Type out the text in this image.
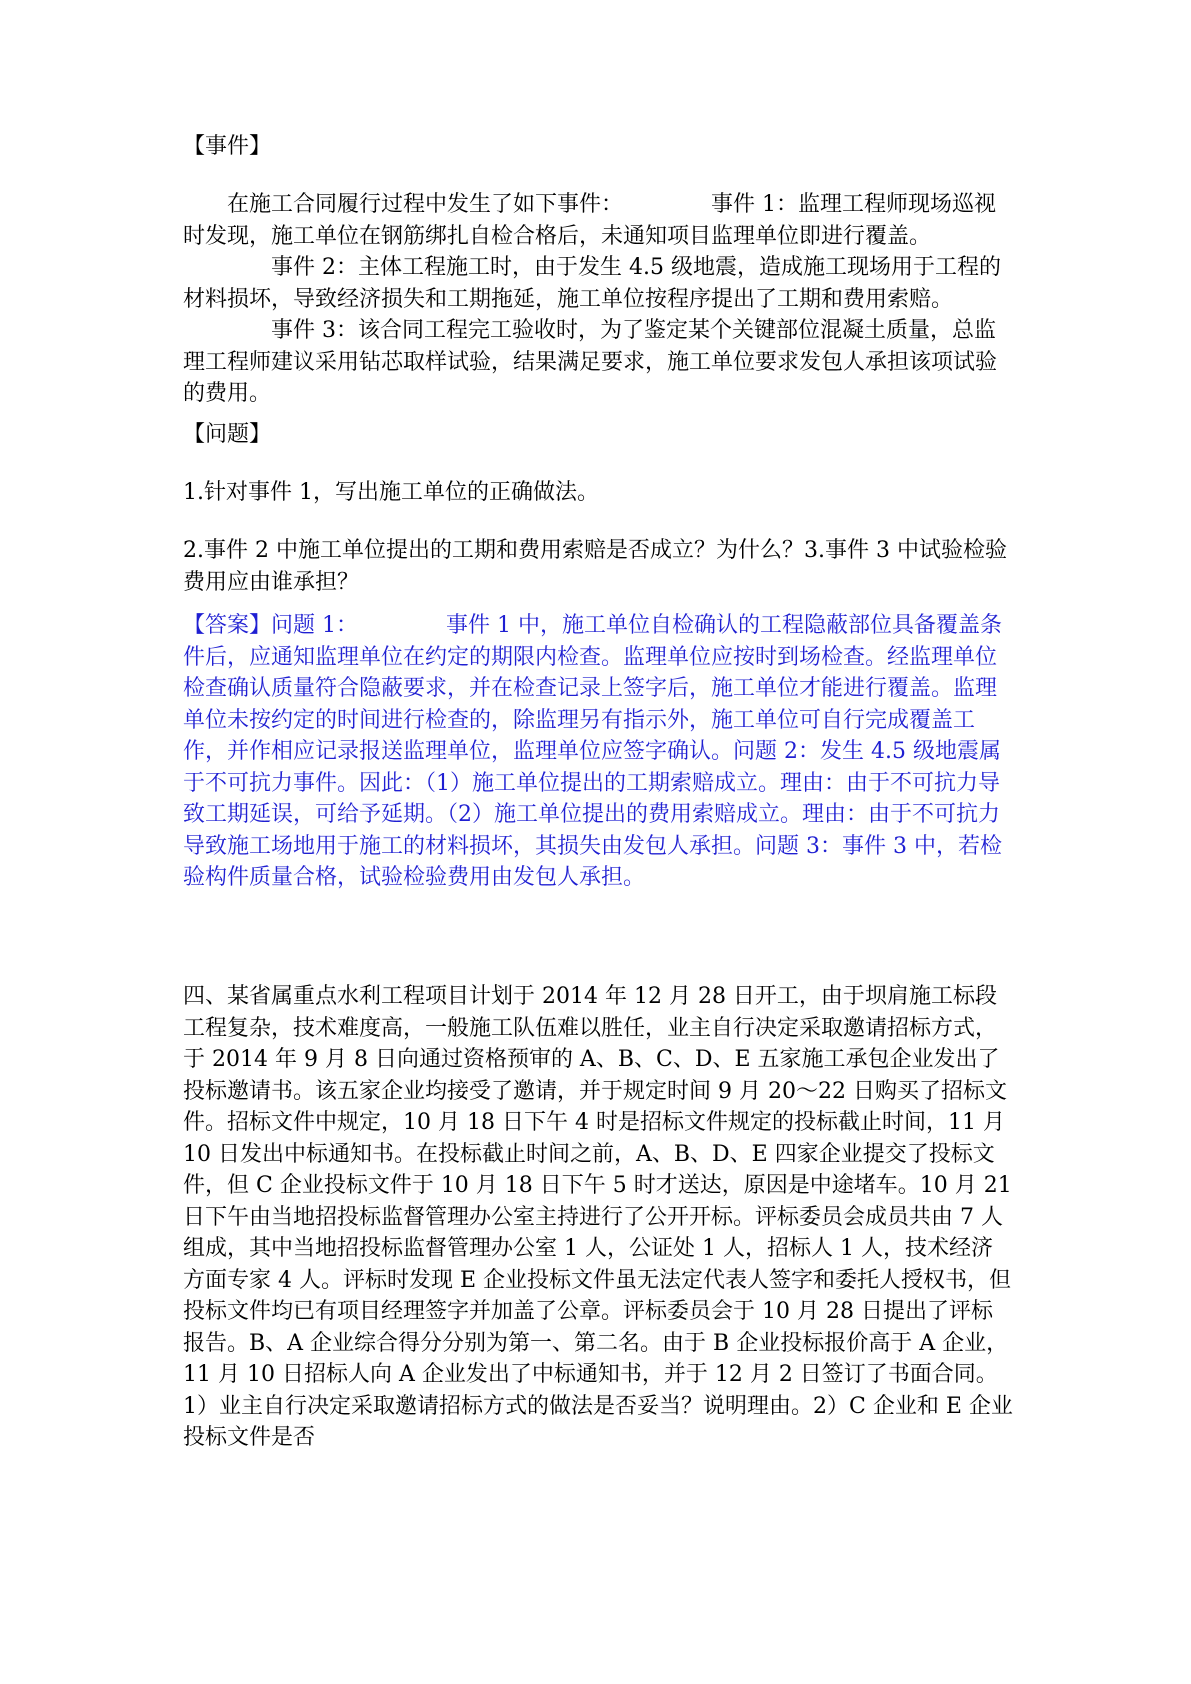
【事件】

在施工合同履行过程中发生了如下事件：	事件 1：监理工程师现场巡视时发现，施工单位在钢筋绑扎自检合格后，未通知项目监理单位即进行覆盖。事件 2：主体工程施工时，由于发生 4.5 级地震，造成施工现场用于工程的材料损坏，导致经济损失和工期拖延，施工单位按程序提出了工期和费用索赔。事件 3：该合同工程完工验收时，为了鉴定某个关键部位混凝土质量，总监理工程师建议采用钻芯取样试验，结果满足要求，施工单位要求发包人承担该项试验的费用。

【问题】

1.针对事件 1，写出施工单位的正确做法。

2.事件 2 中施工单位提出的工期和费用索赔是否成立？为什么？3.事件 3 中试验检验费用应由谁承担？

【答案】问题 1：	事件 1 中，施工单位自检确认的工程隐蔽部位具备覆盖条件后，应通知监理单位在约定的期限内检查。监理单位应按时到场检查。经监理单位检查确认质量符合隐蔽要求，并在检查记录上签字后，施工单位才能进行覆盖。监理单位未按约定的时间进行检查的，除监理另有指示外，施工单位可自行完成覆盖工作，并作相应记录报送监理单位，监理单位应签字确认。问题 2：发生 4.5 级地震属于不可抗力事件。因此：（1）施工单位提出的工期索赔成立。理由：由于不可抗力导致工期延误，可给予延期。（2）施工单位提出的费用索赔成立。理由：由于不可抗力导致施工场地用于施工的材料损坏，其损失由发包人承担。问题 3：事件 3 中，若检验构件质量合格，试验检验费用由发包人承担。

四、某省属重点水利工程项目计划于 2014 年 12 月 28 日开工，由于坝肩施工标段工程复杂，技术难度高，一般施工队伍难以胜任，业主自行决定采取邀请招标方式，于 2014 年 9 月 8 日向通过资格预审的 A、B、C、D、E 五家施工承包企业发出了投标邀请书。该五家企业均接受了邀请，并于规定时间 9 月 20～22 日购买了招标文件。招标文件中规定，10 月 18 日下午 4 时是招标文件规定的投标截止时间，11 月 10 日发出中标通知书。在投标截止时间之前，A、B、D、E 四家企业提交了投标文件，但 C 企业投标文件于 10 月 18 日下午 5 时才送达，原因是中途堵车。10 月 21 日下午由当地招投标监督管理办公室主持进行了公开开标。评标委员会成员共由 7 人组成，其中当地招投标监督管理办公室 1 人，公证处 1 人，招标人 1 人，技术经济方面专家 4 人。评标时发现 E 企业投标文件虽无法定代表人签字和委托人授权书，但投标文件均已有项目经理签字并加盖了公章。评标委员会于 10 月 28 日提出了评标报告。B、A 企业综合得分分别为第一、第二名。由于 B 企业投标报价高于 A 企业，11 月 10 日招标人向 A 企业发出了中标通知书，并于 12 月 2 日签订了书面合同。1）业主自行决定采取邀请招标方式的做法是否妥当？说明理由。2）C 企业和 E 企业投标文件是否
